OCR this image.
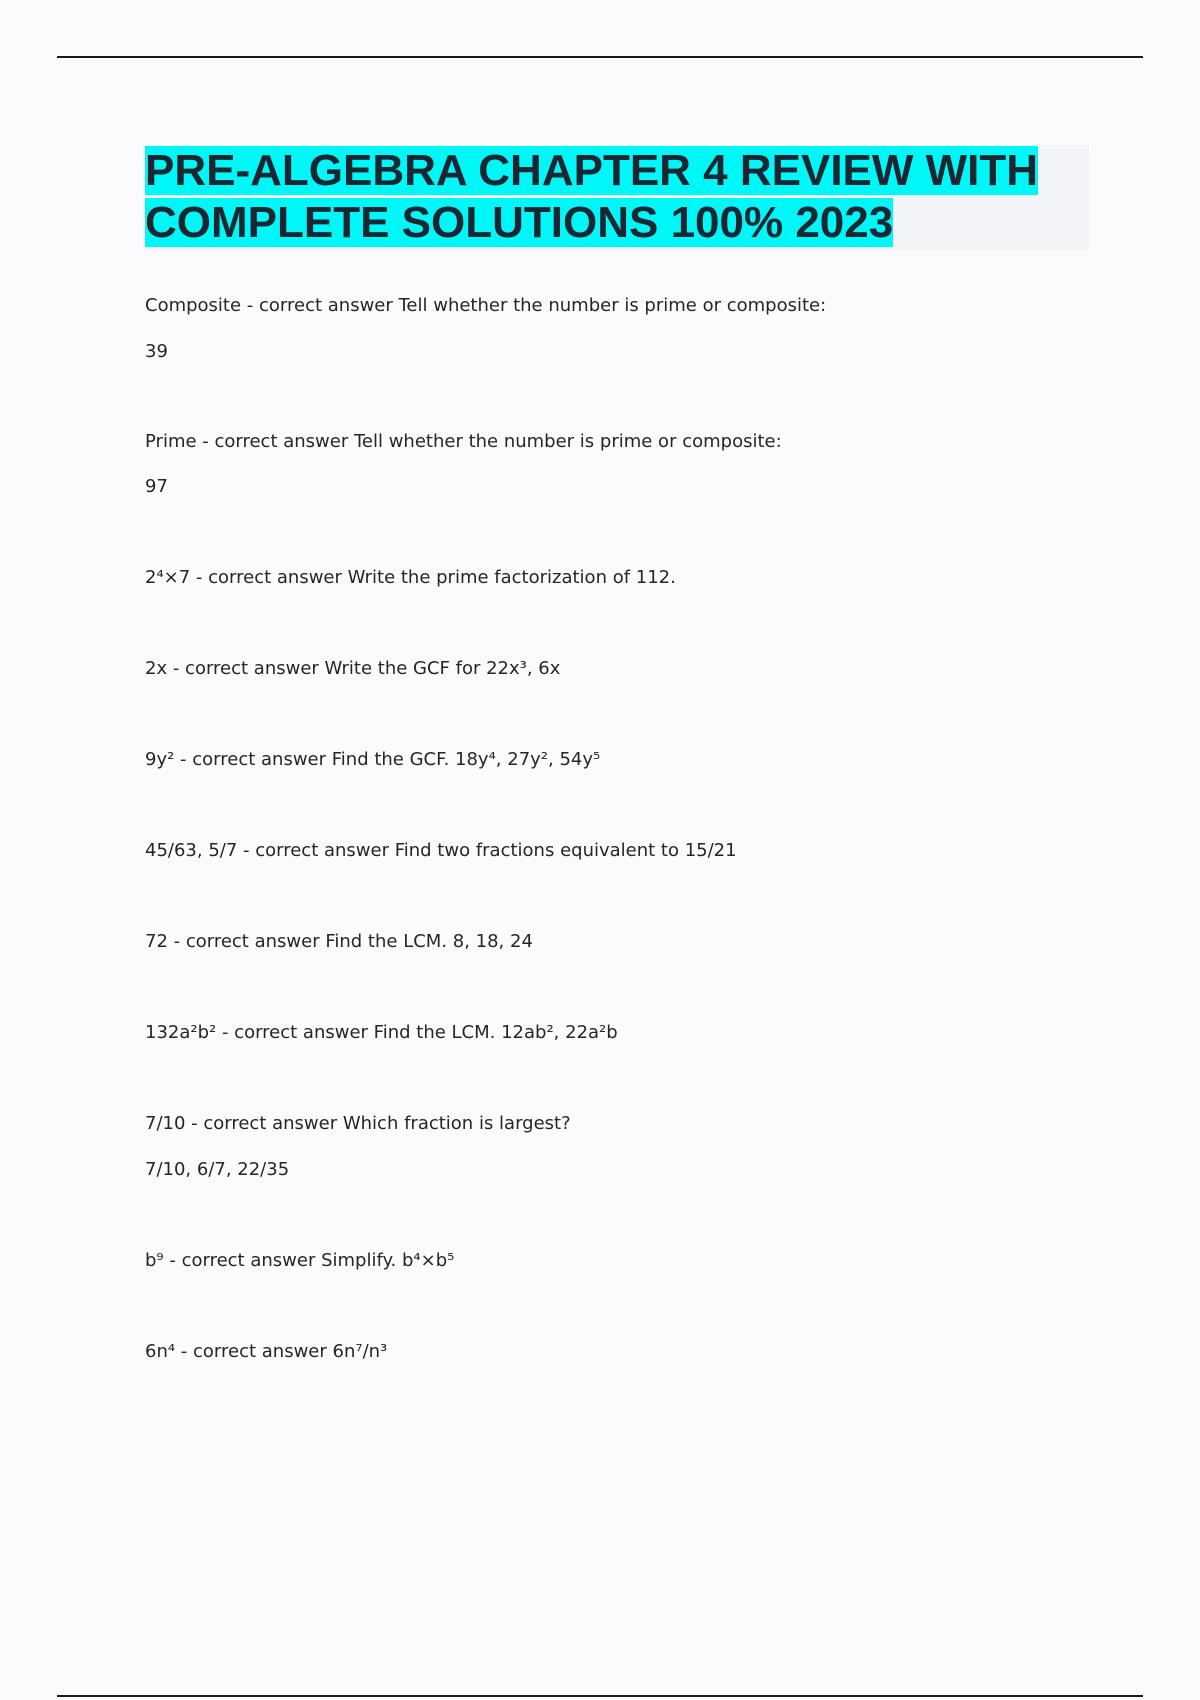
PRE-ALGEBRA CHAPTER 4 REVIEW WITH
COMPLETE SOLUTIONS 100% 2023

Composite - correct answer Tell whether the number is prime or composite:

39

Prime - correct answer Tell whether the number is prime or composite:

97

2⁴×7 - correct answer Write the prime factorization of 112.

2x - correct answer Write the GCF for 22x³, 6x

9y² - correct answer Find the GCF. 18y⁴, 27y², 54y⁵

45/63, 5/7 - correct answer Find two fractions equivalent to 15/21

72 - correct answer Find the LCM. 8, 18, 24

132a²b² - correct answer Find the LCM. 12ab², 22a²b

7/10 - correct answer Which fraction is largest?

7/10, 6/7, 22/35

b⁹ - correct answer Simplify. b⁴×b⁵

6n⁴ - correct answer 6n⁷/n³
